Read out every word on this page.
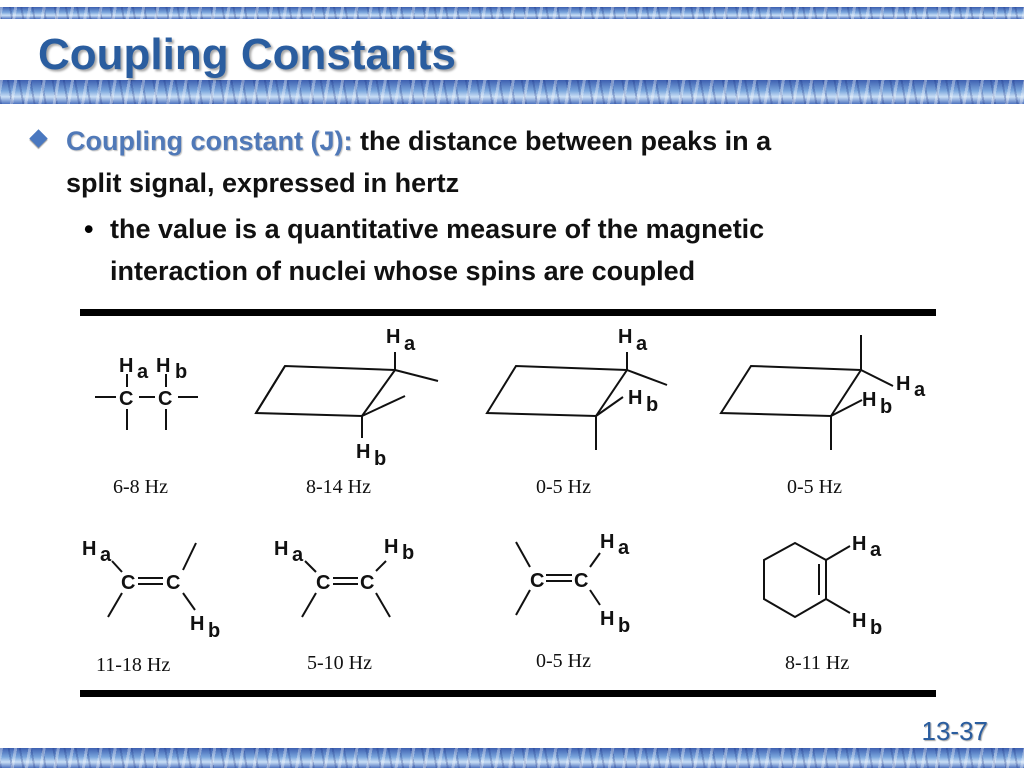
Coupling Constants
Coupling constant (J): the distance between peaks in a
split signal, expressed in hertz
• the value is a quantitative measure of the magnetic
interaction of nuclei whose spins are coupled
H a H b
C C
H a
H b
H a
H b
H a
H b
H a
C C
H b
H a
C C
H b
C C
H a
H b
H a
H b
6-8 Hz	8-14 Hz	0-5 Hz	0-5 Hz
11-18 Hz	5-10 Hz	0-5 Hz	8-11 Hz
13-37
